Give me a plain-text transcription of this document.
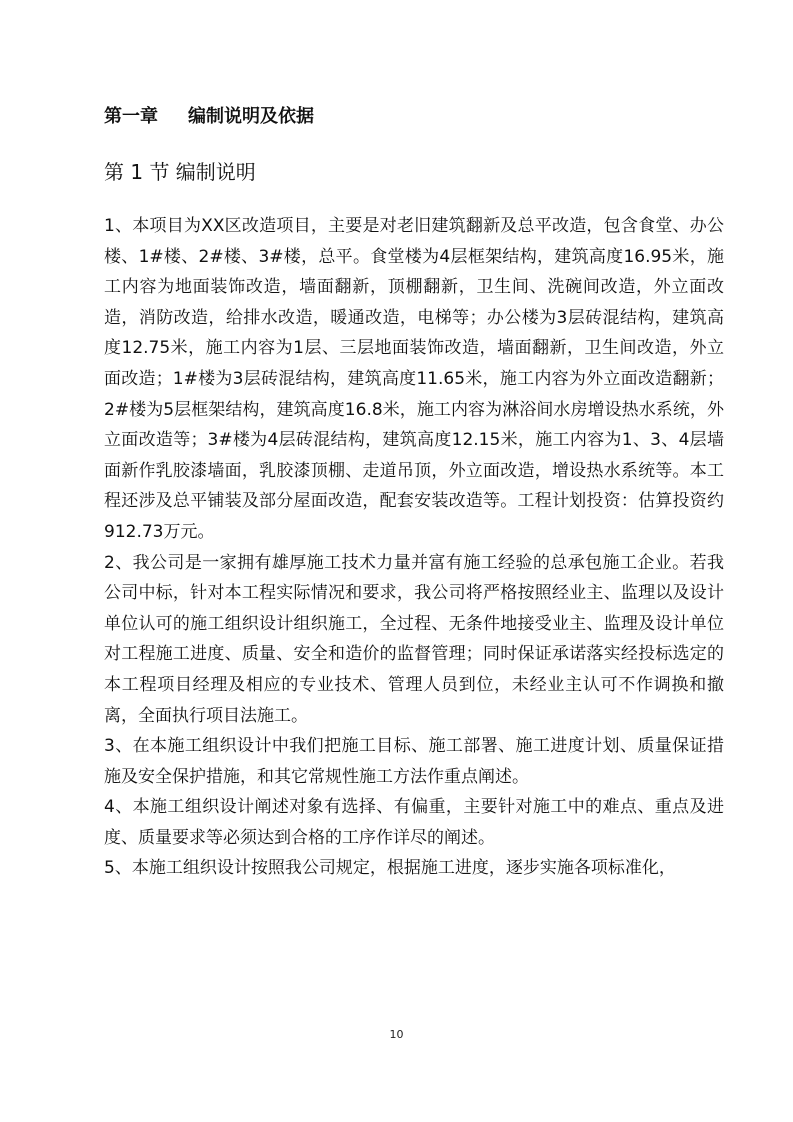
第一章 编制说明及依据
第 1 节 编制说明

1、本项目为XX区改造项目，主要是对老旧建筑翻新及总平改造，包含食堂、办公楼、1#楼、2#楼、3#楼，总平。食堂楼为4层框架结构，建筑高度16.95米，施工内容为地面装饰改造，墙面翻新，顶棚翻新，卫生间、洗碗间改造，外立面改造，消防改造，给排水改造，暖通改造，电梯等；办公楼为3层砖混结构，建筑高度12.75米，施工内容为1层、三层地面装饰改造，墙面翻新，卫生间改造，外立面改造；1#楼为3层砖混结构，建筑高度11.65米，施工内容为外立面改造翻新；2#楼为5层框架结构，建筑高度16.8米，施工内容为淋浴间水房增设热水系统，外立面改造等；3#楼为4层砖混结构，建筑高度12.15米，施工内容为1、3、4层墙面新作乳胶漆墙面，乳胶漆顶棚、走道吊顶，外立面改造，增设热水系统等。本工程还涉及总平铺装及部分屋面改造，配套安装改造等。工程计划投资：估算投资约912.73万元。

2、我公司是一家拥有雄厚施工技术力量并富有施工经验的总承包施工企业。若我公司中标，针对本工程实际情况和要求，我公司将严格按照经业主、监理以及设计单位认可的施工组织设计组织施工，全过程、无条件地接受业主、监理及设计单位对工程施工进度、质量、安全和造价的监督管理；同时保证承诺落实经投标选定的本工程项目经理及相应的专业技术、管理人员到位，未经业主认可不作调换和撤离，全面执行项目法施工。

3、在本施工组织设计中我们把施工目标、施工部署、施工进度计划、质量保证措施及安全保护措施，和其它常规性施工方法作重点阐述。

4、本施工组织设计阐述对象有选择、有偏重，主要针对施工中的难点、重点及进度、质量要求等必须达到合格的工序作详尽的阐述。

5、本施工组织设计按照我公司规定，根据施工进度，逐步实施各项标准化，

10
